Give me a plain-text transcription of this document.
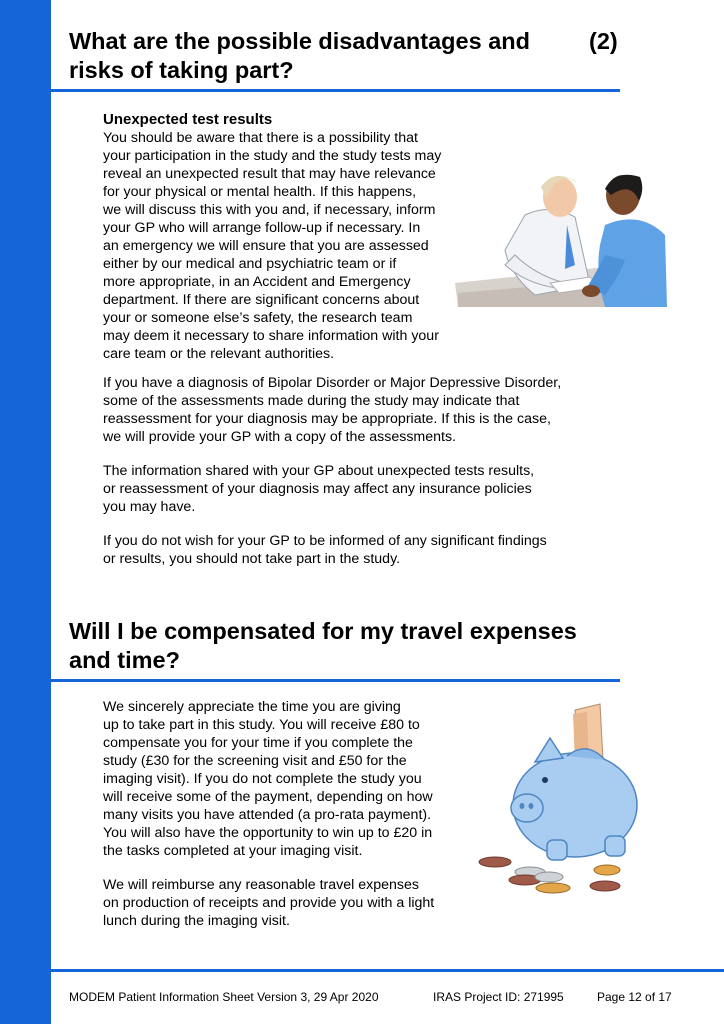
What are the possible disadvantages and	(2)

risks of taking part?

Unexpected test results

You should be aware that there is a possibility that
your participation in the study and the study tests may
reveal an unexpected result that may have relevance
for your physical or mental health. If this happens,
we will discuss this with you and, if necessary, inform
your GP who will arrange follow-up if necessary. In
an emergency we will ensure that you are assessed
either by our medical and psychiatric team or if
more appropriate, in an Accident and Emergency
department. If there are significant concerns about
your or someone else’s safety, the research team
may deem it necessary to share information with your
care team or the relevant authorities.
If you have a diagnosis of Bipolar Disorder or Major Depressive Disorder,
some of the assessments made during the study may indicate that
reassessment for your diagnosis may be appropriate. If this is the case,
we will provide your GP with a copy of the assessments.
The information shared with your GP about unexpected tests results,
or reassessment of your diagnosis may affect any insurance policies
you may have.
If you do not wish for your GP to be informed of any significant findings
or results, you should not take part in the study.
Will I be compensated for my travel expenses
and time?
We sincerely appreciate the time you are giving
up to take part in this study. You will receive £80 to
compensate you for your time if you complete the
study (£30 for the screening visit and £50 for the
imaging visit). If you do not complete the study you
will receive some of the payment, depending on how
many visits you have attended (a pro-rata payment).
You will also have the opportunity to win up to £20 in
the tasks completed at your imaging visit.
We will reimburse any reasonable travel expenses
on production of receipts and provide you with a light
lunch during the imaging visit.
MODEM Patient Information Sheet Version 3, 29 Apr 2020	IRAS Project ID: 271995	Page 12 of 17
